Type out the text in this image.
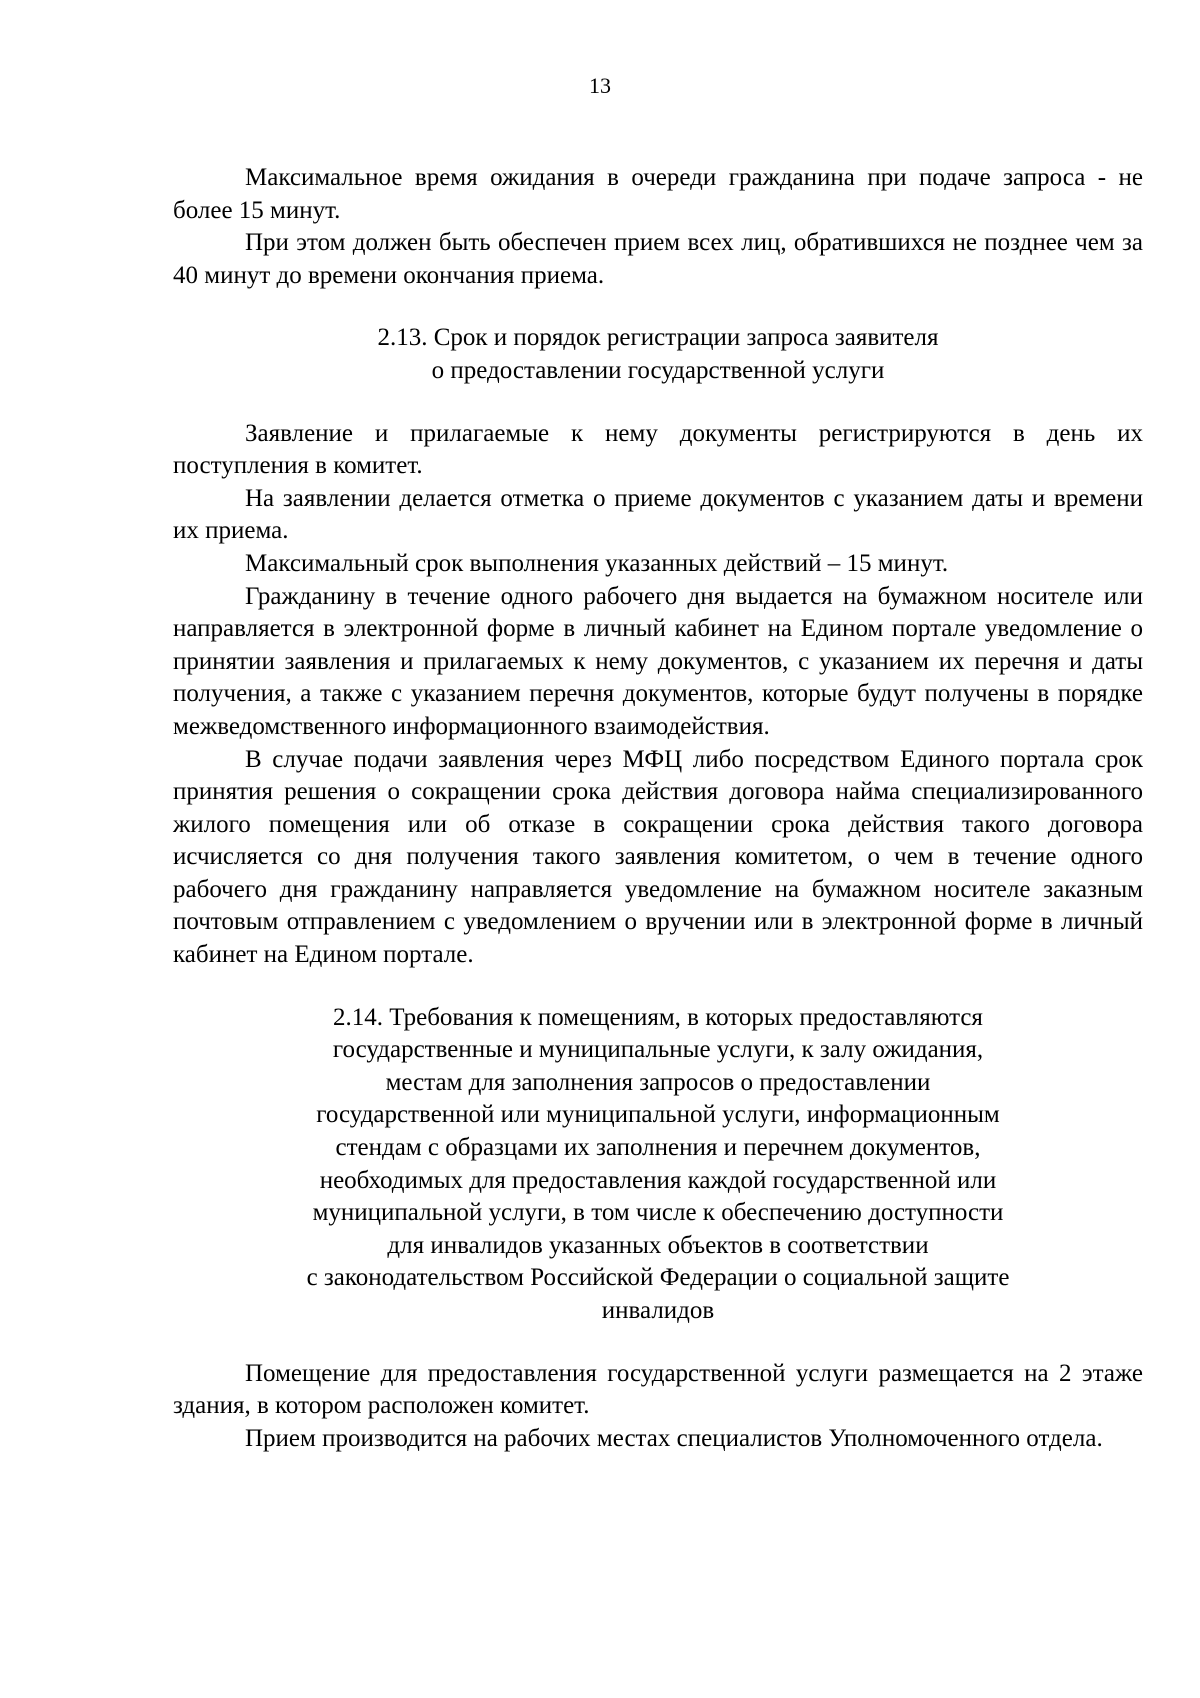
13

Максимальное время ожидания в очереди гражданина при подаче запроса - не более 15 минут.

При этом должен быть обеспечен прием всех лиц, обратившихся не позднее чем за 40 минут до времени окончания приема.

2.13. Срок и порядок регистрации запроса заявителя
о предоставлении государственной услуги

Заявление и прилагаемые к нему документы регистрируются в день их поступления в комитет.

На заявлении делается отметка о приеме документов с указанием даты и времени их приема.

Максимальный срок выполнения указанных действий – 15 минут.

Гражданину в течение одного рабочего дня выдается на бумажном носителе или направляется в электронной форме в личный кабинет на Едином портале уведомление о принятии заявления и прилагаемых к нему документов, с указанием их перечня и даты получения, а также с указанием перечня документов, которые будут получены в порядке межведомственного информационного взаимодействия.

В случае подачи заявления через МФЦ либо посредством Единого портала срок принятия решения о сокращении срока действия договора найма специализированного жилого помещения или об отказе в сокращении срока действия такого договора исчисляется со дня получения такого заявления комитетом, о чем в течение одного рабочего дня гражданину направляется уведомление на бумажном носителе заказным почтовым отправлением с уведомлением о вручении или в электронной форме в личный кабинет на Едином портале.

2.14. Требования к помещениям, в которых предоставляются
государственные и муниципальные услуги, к залу ожидания,
местам для заполнения запросов о предоставлении
государственной или муниципальной услуги, информационным
стендам с образцами их заполнения и перечнем документов,
необходимых для предоставления каждой государственной или
муниципальной услуги, в том числе к обеспечению доступности
для инвалидов указанных объектов в соответствии
с законодательством Российской Федерации о социальной защите
инвалидов

Помещение для предоставления государственной услуги размещается на 2 этаже здания, в котором расположен комитет.

Прием производится на рабочих местах специалистов Уполномоченного отдела.
